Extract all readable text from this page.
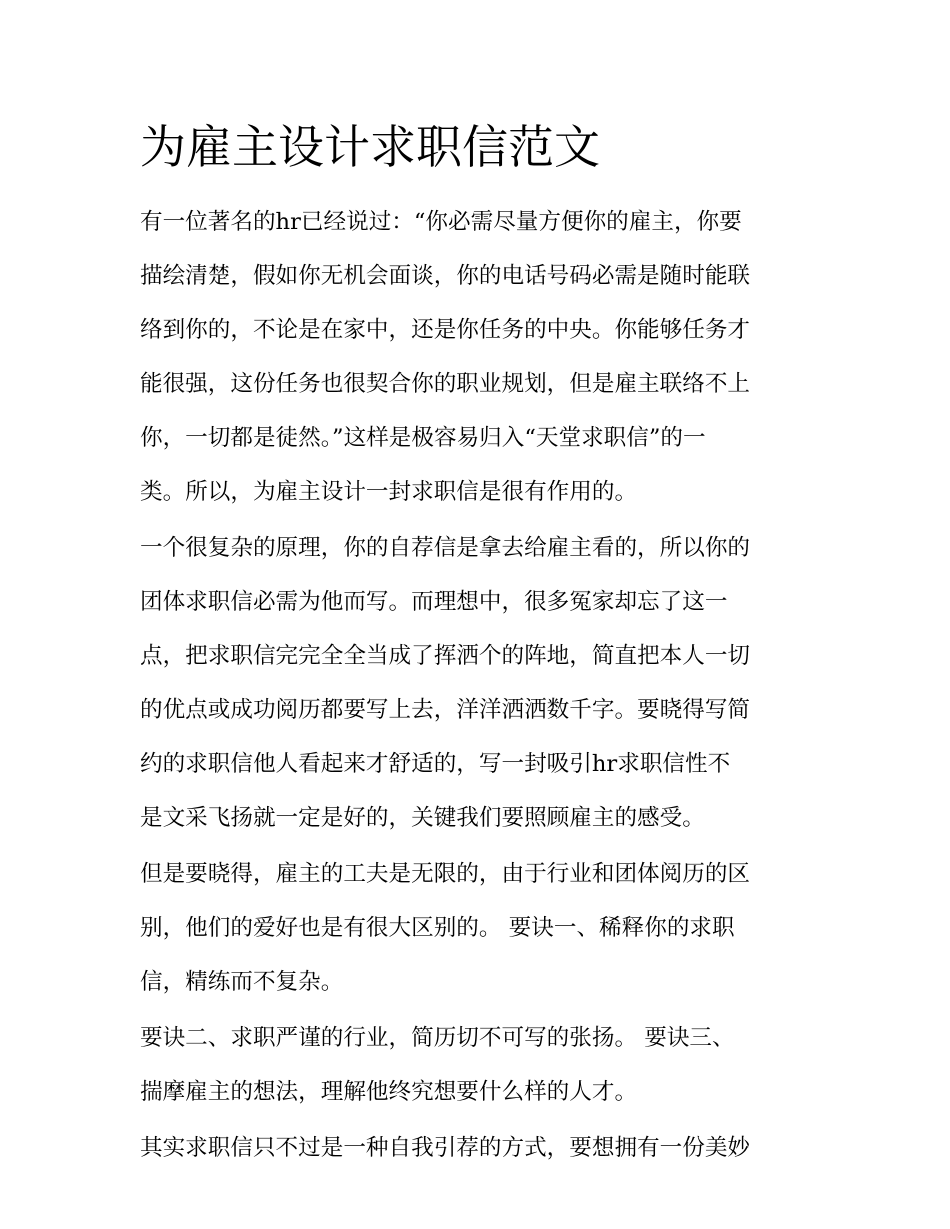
为雇主设计求职信范文

有一位著名的hr已经说过：“你必需尽量方便你的雇主，你要
描绘清楚，假如你无机会面谈，你的电话号码必需是随时能联
络到你的，不论是在家中，还是你任务的中央。你能够任务才
能很强，这份任务也很契合你的职业规划，但是雇主联络不上
你，一切都是徒然。”这样是极容易归入“天堂求职信”的一
类。所以，为雇主设计一封求职信是很有作用的。

一个很复杂的原理，你的自荐信是拿去给雇主看的，所以你的
团体求职信必需为他而写。而理想中，很多冤家却忘了这一
点，把求职信完完全全当成了挥洒个的阵地，简直把本人一切
的优点或成功阅历都要写上去，洋洋洒洒数千字。要晓得写简
约的求职信他人看起来才舒适的，写一封吸引hr求职信性不
是文采飞扬就一定是好的，关键我们要照顾雇主的感受。

但是要晓得，雇主的工夫是无限的，由于行业和团体阅历的区
别，他们的爱好也是有很大区别的。 要诀一、稀释你的求职
信，精练而不复杂。

要诀二、求职严谨的行业，简历切不可写的张扬。 要诀三、
揣摩雇主的想法，理解他终究想要什么样的人才。

其实求职信只不过是一种自我引荐的方式，要想拥有一份美妙
